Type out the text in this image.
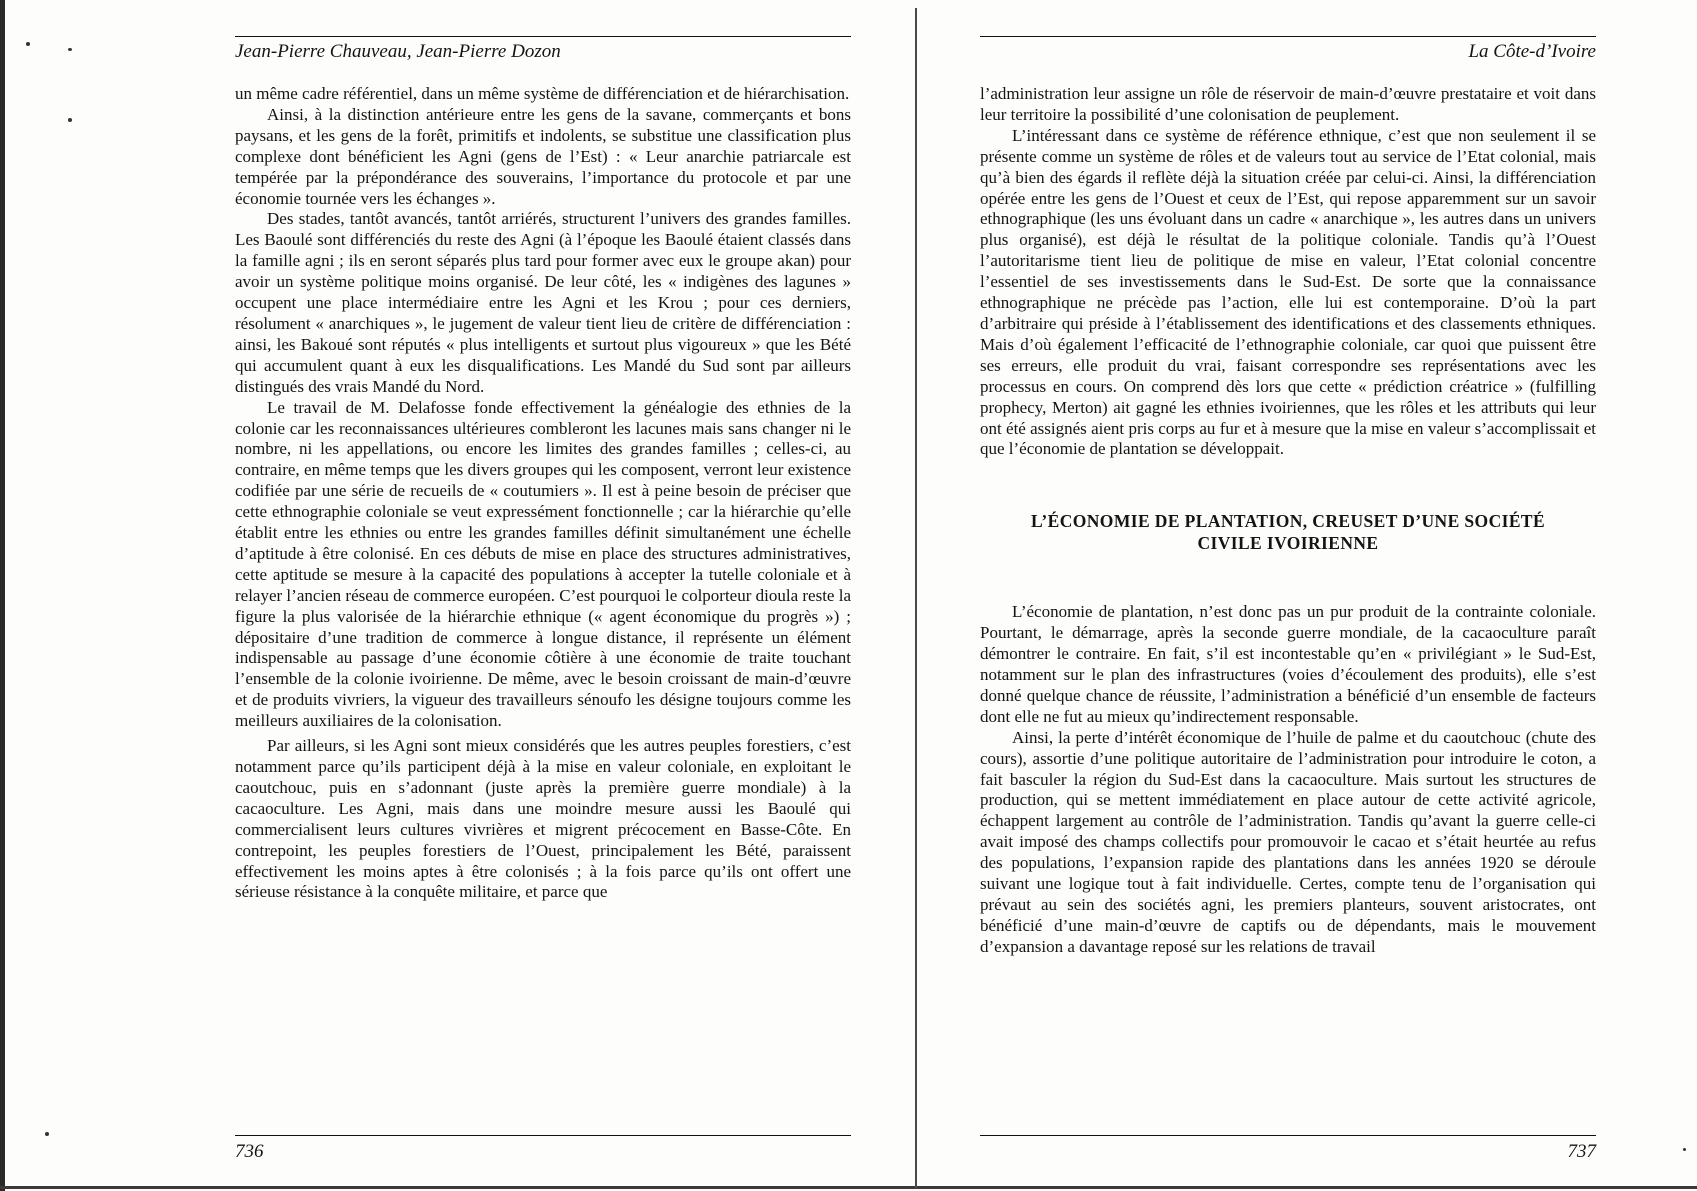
Jean-Pierre Chauveau, Jean-Pierre Dozon

un même cadre référentiel, dans un même système de différenciation et de hiérarchisation.

Ainsi, à la distinction antérieure entre les gens de la savane, commerçants et bons paysans, et les gens de la forêt, primitifs et indolents, se substitue une classification plus complexe dont bénéficient les Agni (gens de l’Est) : « Leur anarchie patriarcale est tempérée par la prépondérance des souverains, l’importance du protocole et par une économie tournée vers les échanges ».

Des stades, tantôt avancés, tantôt arriérés, structurent l’univers des grandes familles. Les Baoulé sont différenciés du reste des Agni (à l’époque les Baoulé étaient classés dans la famille agni ; ils en seront séparés plus tard pour former avec eux le groupe akan) pour avoir un système politique moins organisé. De leur côté, les « indigènes des lagunes » occupent une place intermédiaire entre les Agni et les Krou ; pour ces derniers, résolument « anarchiques », le jugement de valeur tient lieu de critère de différenciation : ainsi, les Bakoué sont réputés « plus intelligents et surtout plus vigoureux » que les Bété qui accumulent quant à eux les disqualifications. Les Mandé du Sud sont par ailleurs distingués des vrais Mandé du Nord.

Le travail de M. Delafosse fonde effectivement la généalogie des ethnies de la colonie car les reconnaissances ultérieures combleront les lacunes mais sans changer ni le nombre, ni les appellations, ou encore les limites des grandes familles ; celles-ci, au contraire, en même temps que les divers groupes qui les composent, verront leur existence codifiée par une série de recueils de « coutumiers ». Il est à peine besoin de préciser que cette ethnographie coloniale se veut expressément fonctionnelle ; car la hiérarchie qu’elle établit entre les ethnies ou entre les grandes familles définit simultanément une échelle d’aptitude à être colonisé. En ces débuts de mise en place des structures administratives, cette aptitude se mesure à la capacité des populations à accepter la tutelle coloniale et à relayer l’ancien réseau de commerce européen. C’est pourquoi le colporteur dioula reste la figure la plus valorisée de la hiérarchie ethnique (« agent économique du progrès ») ; dépositaire d’une tradition de commerce à longue distance, il représente un élément indispensable au passage d’une économie côtière à une économie de traite touchant l’ensemble de la colonie ivoirienne. De même, avec le besoin croissant de main-d’œuvre et de produits vivriers, la vigueur des travailleurs sénoufo les désigne toujours comme les meilleurs auxiliaires de la colonisation.

Par ailleurs, si les Agni sont mieux considérés que les autres peuples forestiers, c’est notamment parce qu’ils participent déjà à la mise en valeur coloniale, en exploitant le caoutchouc, puis en s’adonnant (juste après la première guerre mondiale) à la cacaoculture. Les Agni, mais dans une moindre mesure aussi les Baoulé qui commercialisent leurs cultures vivrières et migrent précocement en Basse-Côte. En contrepoint, les peuples forestiers de l’Ouest, principalement les Bété, paraissent effectivement les moins aptes à être colonisés ; à la fois parce qu’ils ont offert une sérieuse résistance à la conquête militaire, et parce que

736
La Côte-d’Ivoire

l’administration leur assigne un rôle de réservoir de main-d’œuvre prestataire et voit dans leur territoire la possibilité d’une colonisation de peuplement.

L’intéressant dans ce système de référence ethnique, c’est que non seulement il se présente comme un système de rôles et de valeurs tout au service de l’Etat colonial, mais qu’à bien des égards il reflète déjà la situation créée par celui-ci. Ainsi, la différenciation opérée entre les gens de l’Ouest et ceux de l’Est, qui repose apparemment sur un savoir ethnographique (les uns évoluant dans un cadre « anarchique », les autres dans un univers plus organisé), est déjà le résultat de la politique coloniale. Tandis qu’à l’Ouest l’autoritarisme tient lieu de politique de mise en valeur, l’Etat colonial concentre l’essentiel de ses investissements dans le Sud-Est. De sorte que la connaissance ethnographique ne précède pas l’action, elle lui est contemporaine. D’où la part d’arbitraire qui préside à l’établissement des identifications et des classements ethniques. Mais d’où également l’efficacité de l’ethnographie coloniale, car quoi que puissent être ses erreurs, elle produit du vrai, faisant correspondre ses représentations avec les processus en cours. On comprend dès lors que cette « prédiction créatrice » (fulfilling prophecy, Merton) ait gagné les ethnies ivoiriennes, que les rôles et les attributs qui leur ont été assignés aient pris corps au fur et à mesure que la mise en valeur s’accomplissait et que l’économie de plantation se développait.

L’ÉCONOMIE DE PLANTATION, CREUSET D’UNE SOCIÉTÉ
CIVILE IVOIRIENNE

L’économie de plantation, n’est donc pas un pur produit de la contrainte coloniale. Pourtant, le démarrage, après la seconde guerre mondiale, de la cacaoculture paraît démontrer le contraire. En fait, s’il est incontestable qu’en « privilégiant » le Sud-Est, notamment sur le plan des infrastructures (voies d’écoulement des produits), elle s’est donné quelque chance de réussite, l’administration a bénéficié d’un ensemble de facteurs dont elle ne fut au mieux qu’indirectement responsable.

Ainsi, la perte d’intérêt économique de l’huile de palme et du caoutchouc (chute des cours), assortie d’une politique autoritaire de l’administration pour introduire le coton, a fait basculer la région du Sud-Est dans la cacaoculture. Mais surtout les structures de production, qui se mettent immédiatement en place autour de cette activité agricole, échappent largement au contrôle de l’administration. Tandis qu’avant la guerre celle-ci avait imposé des champs collectifs pour promouvoir le cacao et s’était heurtée au refus des populations, l’expansion rapide des plantations dans les années 1920 se déroule suivant une logique tout à fait individuelle. Certes, compte tenu de l’organisation qui prévaut au sein des sociétés agni, les premiers planteurs, souvent aristocrates, ont bénéficié d’une main-d’œuvre de captifs ou de dépendants, mais le mouvement d’expansion a davantage reposé sur les relations de travail

737
